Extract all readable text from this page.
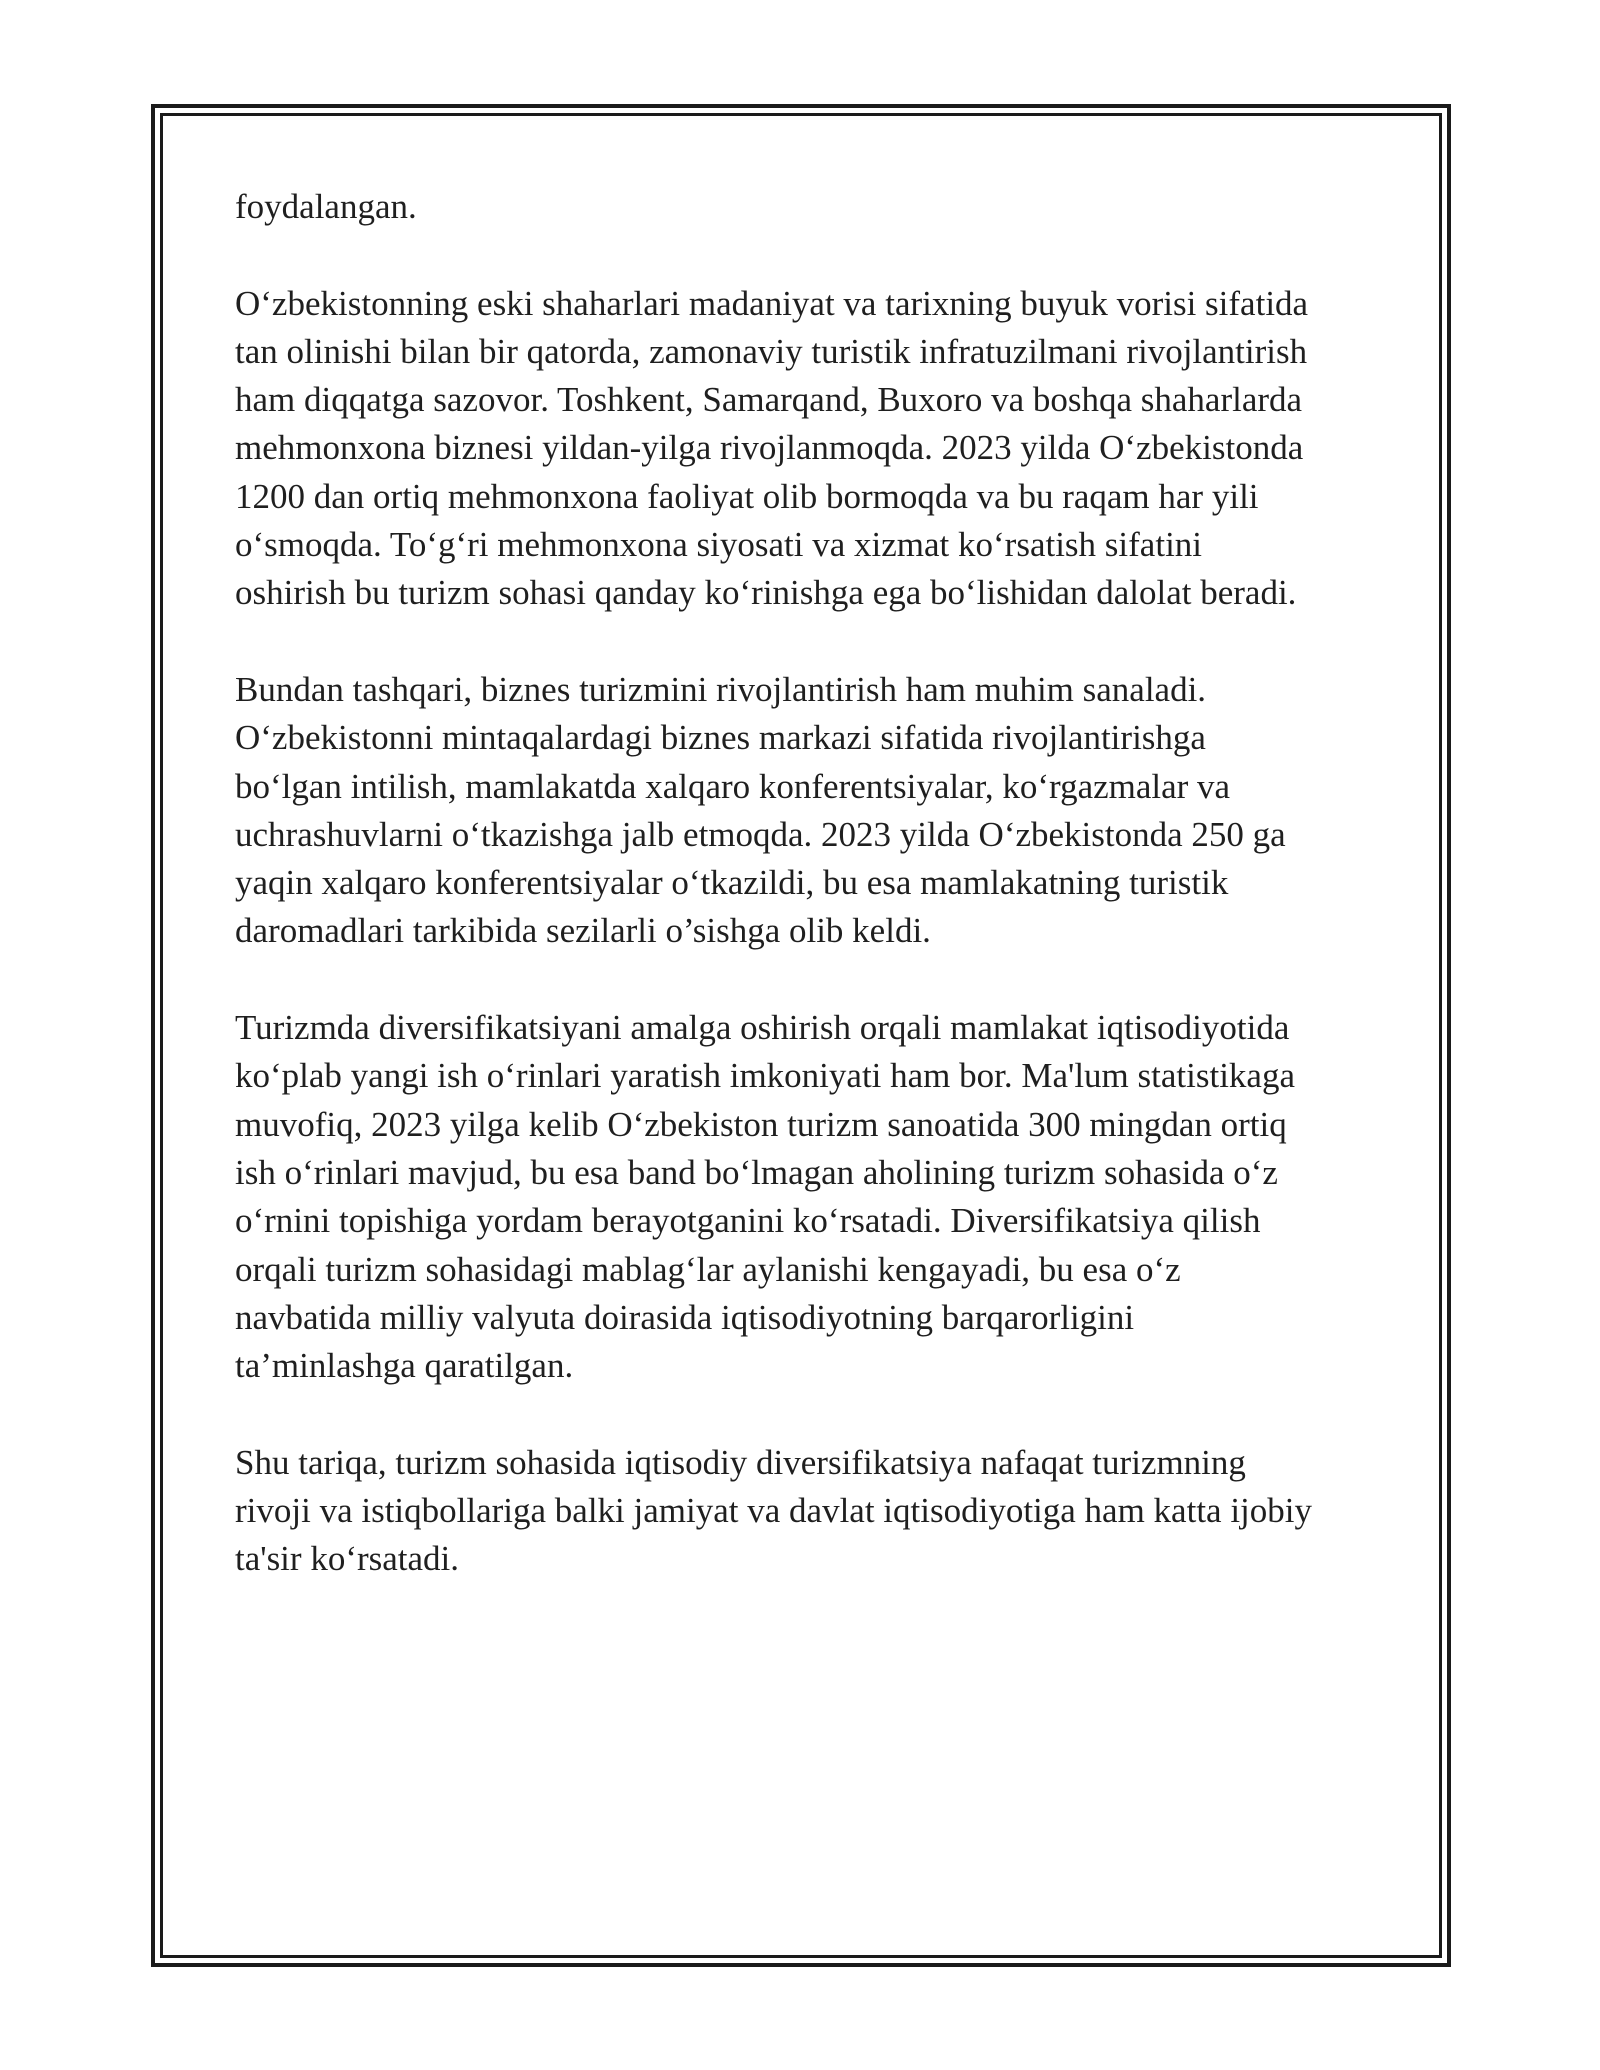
foydalangan.

O‘zbekistonning eski shaharlari madaniyat va tarixning buyuk vorisi sifatida
tan olinishi bilan bir qatorda, zamonaviy turistik infratuzilmani rivojlantirish
ham diqqatga sazovor. Toshkent, Samarqand, Buxoro va boshqa shaharlarda
mehmonxona biznesi yildan-yilga rivojlanmoqda. 2023 yilda O‘zbekistonda
1200 dan ortiq mehmonxona faoliyat olib bormoqda va bu raqam har yili
o‘smoqda. To‘g‘ri mehmonxona siyosati va xizmat ko‘rsatish sifatini
oshirish bu turizm sohasi qanday ko‘rinishga ega bo‘lishidan dalolat beradi.

Bundan tashqari, biznes turizmini rivojlantirish ham muhim sanaladi.
O‘zbekistonni mintaqalardagi biznes markazi sifatida rivojlantirishga
bo‘lgan intilish, mamlakatda xalqaro konferentsiyalar, ko‘rgazmalar va
uchrashuvlarni o‘tkazishga jalb etmoqda. 2023 yilda O‘zbekistonda 250 ga
yaqin xalqaro konferentsiyalar o‘tkazildi, bu esa mamlakatning turistik
daromadlari tarkibida sezilarli o’sishga olib keldi.

Turizmda diversifikatsiyani amalga oshirish orqali mamlakat iqtisodiyotida
ko‘plab yangi ish o‘rinlari yaratish imkoniyati ham bor. Ma'lum statistikaga
muvofiq, 2023 yilga kelib O‘zbekiston turizm sanoatida 300 mingdan ortiq
ish o‘rinlari mavjud, bu esa band bo‘lmagan aholining turizm sohasida o‘z
o‘rnini topishiga yordam berayotganini ko‘rsatadi. Diversifikatsiya qilish
orqali turizm sohasidagi mablag‘lar aylanishi kengayadi, bu esa o‘z
navbatida milliy valyuta doirasida iqtisodiyotning barqarorligini
ta’minlashga qaratilgan.

Shu tariqa, turizm sohasida iqtisodiy diversifikatsiya nafaqat turizmning
rivoji va istiqbollariga balki jamiyat va davlat iqtisodiyotiga ham katta ijobiy
ta'sir ko‘rsatadi.
